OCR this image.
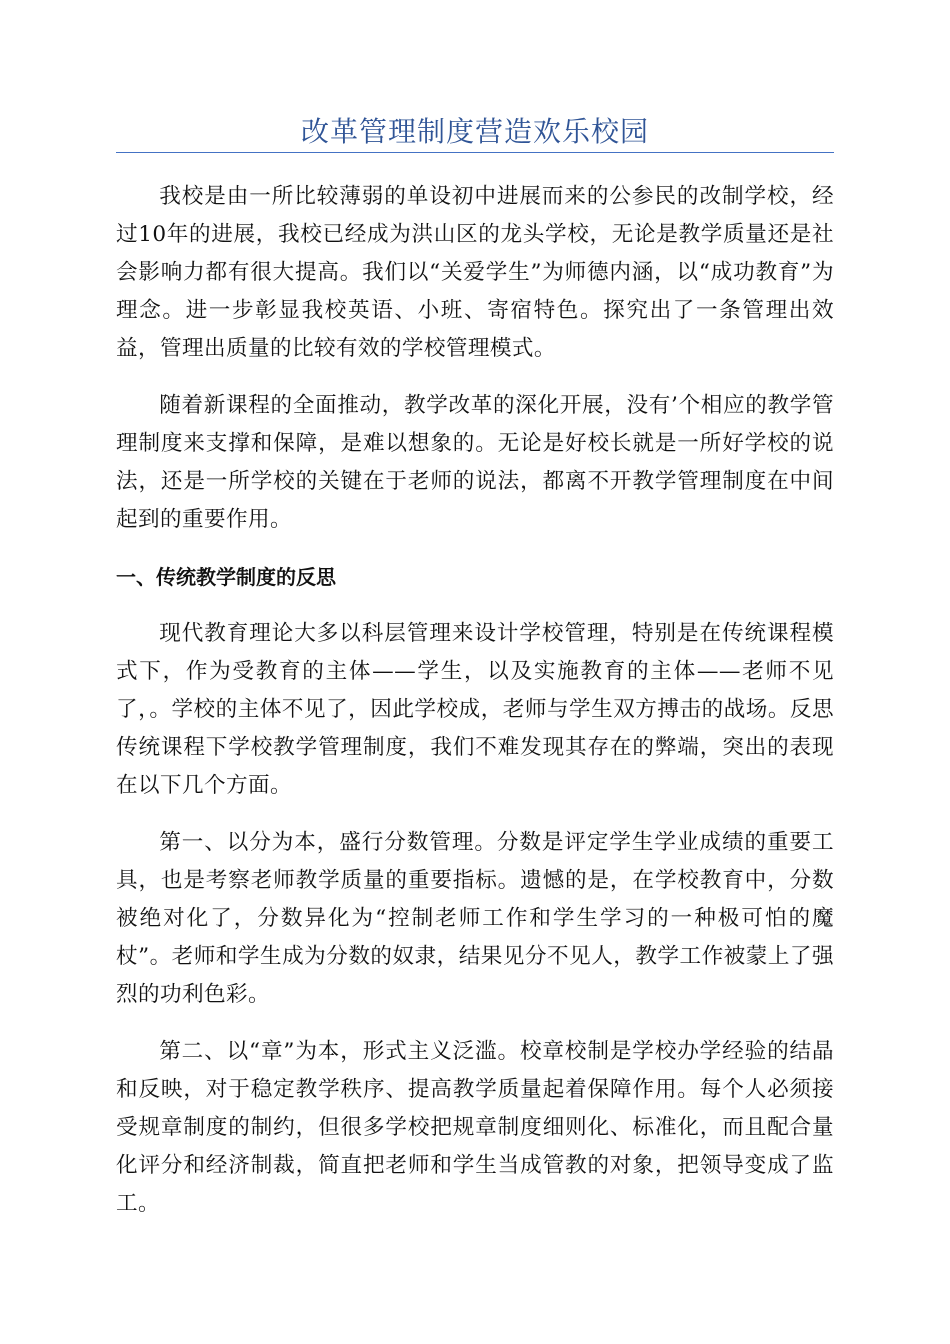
改革管理制度营造欢乐校园

我校是由一所比较薄弱的单设初中进展而来的公参民的改制学校，经过10年的进展，我校已经成为洪山区的龙头学校，无论是教学质量还是社会影响力都有很大提高。我们以“关爱学生”为师德内涵，以“成功教育”为理念。进一步彰显我校英语、小班、寄宿特色。探究出了一条管理出效益，管理出质量的比较有效的学校管理模式。

随着新课程的全面推动，教学改革的深化开展，没有’个相应的教学管理制度来支撑和保障，是难以想象的。无论是好校长就是一所好学校的说法，还是一所学校的关键在于老师的说法，都离不开教学管理制度在中间起到的重要作用。

一、传统教学制度的反思

现代教育理论大多以科层管理来设计学校管理，特别是在传统课程模式下，作为受教育的主体——学生，以及实施教育的主体——老师不见了，。学校的主体不见了，因此学校成，老师与学生双方搏击的战场。反思传统课程下学校教学管理制度，我们不难发现其存在的弊端，突出的表现在以下几个方面。

第一、以分为本，盛行分数管理。分数是评定学生学业成绩的重要工具，也是考察老师教学质量的重要指标。遗憾的是，在学校教育中，分数被绝对化了，分数异化为“控制老师工作和学生学习的一种极可怕的魔杖”。老师和学生成为分数的奴隶，结果见分不见人，教学工作被蒙上了强烈的功利色彩。

第二、以“章”为本，形式主义泛滥。校章校制是学校办学经验的结晶和反映，对于稳定教学秩序、提高教学质量起着保障作用。每个人必须接受规章制度的制约，但很多学校把规章制度细则化、标准化，而且配合量化评分和经济制裁，简直把老师和学生当成管教的对象，把领导变成了监工。
